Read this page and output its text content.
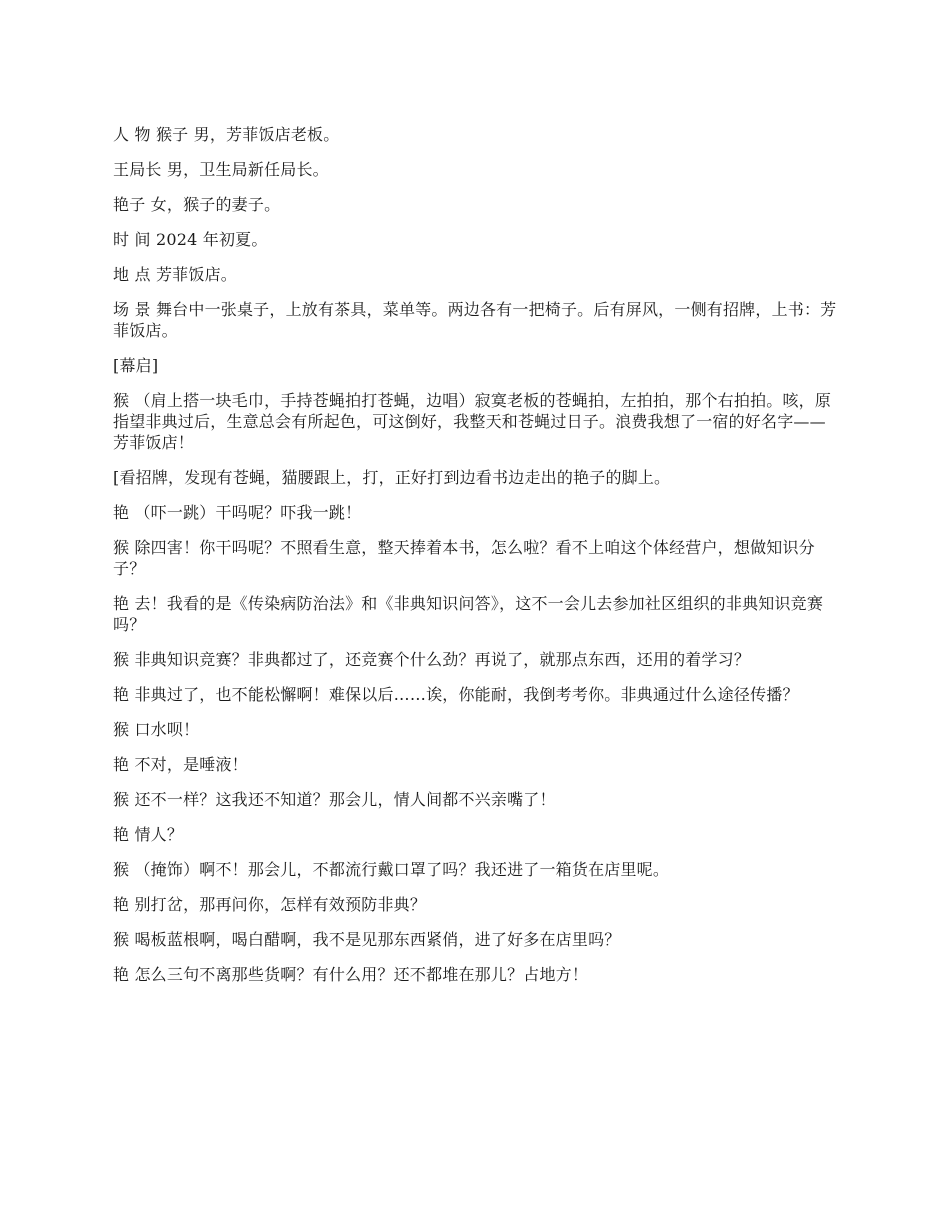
人 物 猴子 男，芳菲饭店老板。

王局长 男，卫生局新任局长。

艳子 女，猴子的妻子。

时 间 2024 年初夏。

地 点 芳菲饭店。

场 景 舞台中一张桌子，上放有茶具，菜单等。两边各有一把椅子。后有屏风，一侧有招牌，上书：芳菲饭店。

[幕启]

猴 （肩上搭一块毛巾，手持苍蝇拍打苍蝇，边唱）寂寞老板的苍蝇拍，左拍拍，那个右拍拍。咳，原指望非典过后，生意总会有所起色，可这倒好，我整天和苍蝇过日子。浪费我想了一宿的好名字——芳菲饭店！

[看招牌，发现有苍蝇，猫腰跟上，打，正好打到边看书边走出的艳子的脚上。

艳 （吓一跳）干吗呢？吓我一跳！

猴 除四害！你干吗呢？不照看生意，整天捧着本书，怎么啦？看不上咱这个体经营户，想做知识分子？

艳 去！我看的是《传染病防治法》和《非典知识问答》，这不一会儿去参加社区组织的非典知识竞赛吗？

猴 非典知识竞赛？非典都过了，还竞赛个什么劲？再说了，就那点东西，还用的着学习？

艳 非典过了，也不能松懈啊！难保以后……诶，你能耐，我倒考考你。非典通过什么途径传播？

猴 口水呗！

艳 不对，是唾液！

猴 还不一样？这我还不知道？那会儿，情人间都不兴亲嘴了！

艳 情人？

猴 （掩饰）啊不！那会儿，不都流行戴口罩了吗？我还进了一箱货在店里呢。

艳 别打岔，那再问你，怎样有效预防非典？

猴 喝板蓝根啊，喝白醋啊，我不是见那东西紧俏，进了好多在店里吗？

艳 怎么三句不离那些货啊？有什么用？还不都堆在那儿？占地方！
